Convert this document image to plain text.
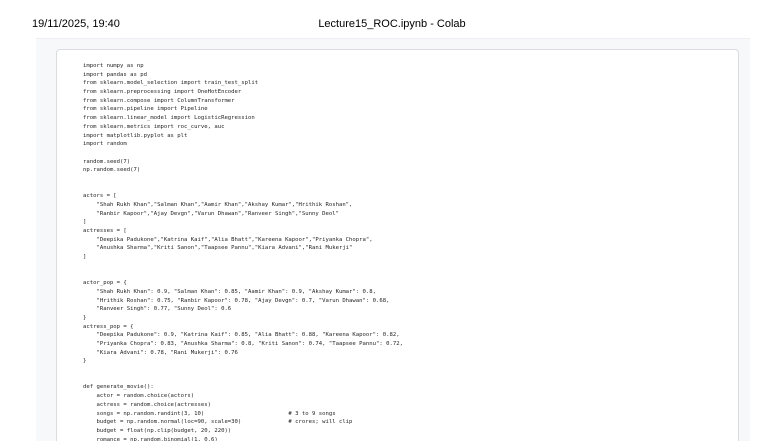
19/11/2025, 19:40	Lecture15_ROC.ipynb - Colab
import numpy as np
import pandas as pd
from sklearn.model_selection import train_test_split
from sklearn.preprocessing import OneHotEncoder
from sklearn.compose import ColumnTransformer
from sklearn.pipeline import Pipeline
from sklearn.linear_model import LogisticRegression
from sklearn.metrics import roc_curve, auc
import matplotlib.pyplot as plt
import random
random.seed(7)
np.random.seed(7)
actors = [
"Shah Rukh Khan","Salman Khan","Aamir Khan","Akshay Kumar","Hrithik Roshan",
"Ranbir Kapoor","Ajay Devgn","Varun Dhawan","Ranveer Singh","Sunny Deol"
]
actresses = [
"Deepika Padukone","Katrina Kaif","Alia Bhatt","Kareena Kapoor","Priyanka Chopra",
"Anushka Sharma","Kriti Sanon","Taapsee Pannu","Kiara Advani","Rani Mukerji"
]
actor_pop = {
"Shah Rukh Khan": 0.9, "Salman Khan": 0.85, "Aamir Khan": 0.9, "Akshay Kumar": 0.8,
"Hrithik Roshan": 0.75, "Ranbir Kapoor": 0.78, "Ajay Devgn": 0.7, "Varun Dhawan": 0.68,
"Ranveer Singh": 0.77, "Sunny Deol": 0.6
}
actress_pop = {
"Deepika Padukone": 0.9, "Katrina Kaif": 0.85, "Alia Bhatt": 0.88, "Kareena Kapoor": 0.82,
"Priyanka Chopra": 0.83, "Anushka Sharma": 0.8, "Kriti Sanon": 0.74, "Taapsee Pannu": 0.72,
"Kiara Advani": 0.78, "Rani Mukerji": 0.76
}
def generate_movie():
actor = random.choice(actors)
actress = random.choice(actresses)
songs = np.random.randint(3, 10)                         # 3 to 9 songs
budget = np.random.normal(loc=90, scale=30)              # crores; will clip
budget = float(np.clip(budget, 20, 220))
romance = np.random.binomial(1, 0.6)
